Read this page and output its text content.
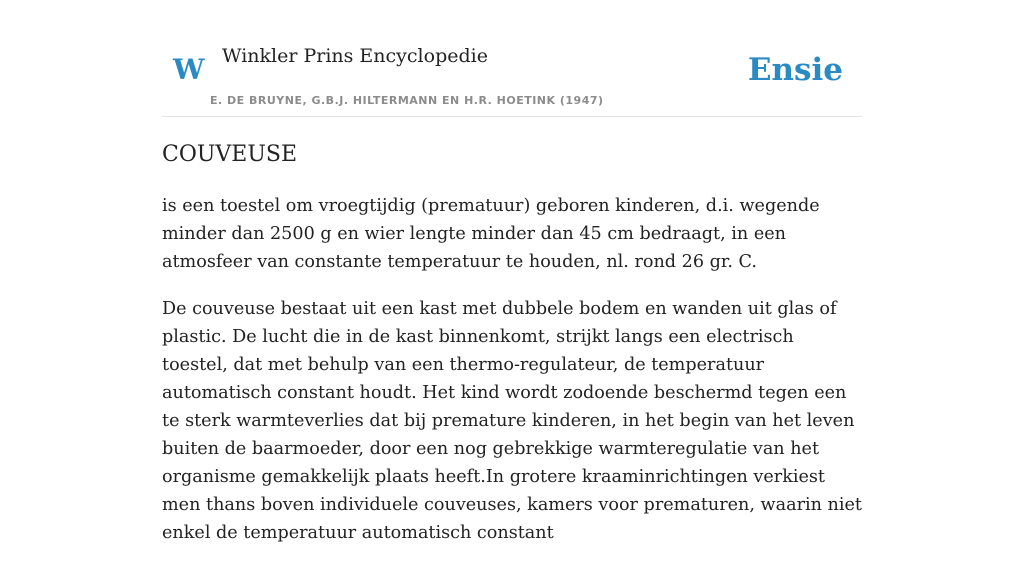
W Winkler Prins Encyclopedie
E. DE BRUYNE, G.B.J. HILTERMANN EN H.R. HOETINK (1947)
Ensie
COUVEUSE

is een toestel om vroegtijdig (prematuur) geboren kinderen, d.i. wegende minder dan 2500 g en wier lengte minder dan 45 cm bedraagt, in een atmosfeer van constante temperatuur te houden, nl. rond 26 gr. C.

De couveuse bestaat uit een kast met dubbele bodem en wanden uit glas of plastic. De lucht die in de kast binnenkomt, strijkt langs een electrisch toestel, dat met behulp van een thermo-regulateur, de temperatuur automatisch constant houdt. Het kind wordt zodoende beschermd tegen een te sterk warmteverlies dat bij premature kinderen, in het begin van het leven buiten de baarmoeder, door een nog gebrekkige warmteregulatie van het organisme gemakkelijk plaats heeft.In grotere kraaminrichtingen verkiest men thans boven individuele couveuses, kamers voor prematuren, waarin niet enkel de temperatuur automatisch constant
